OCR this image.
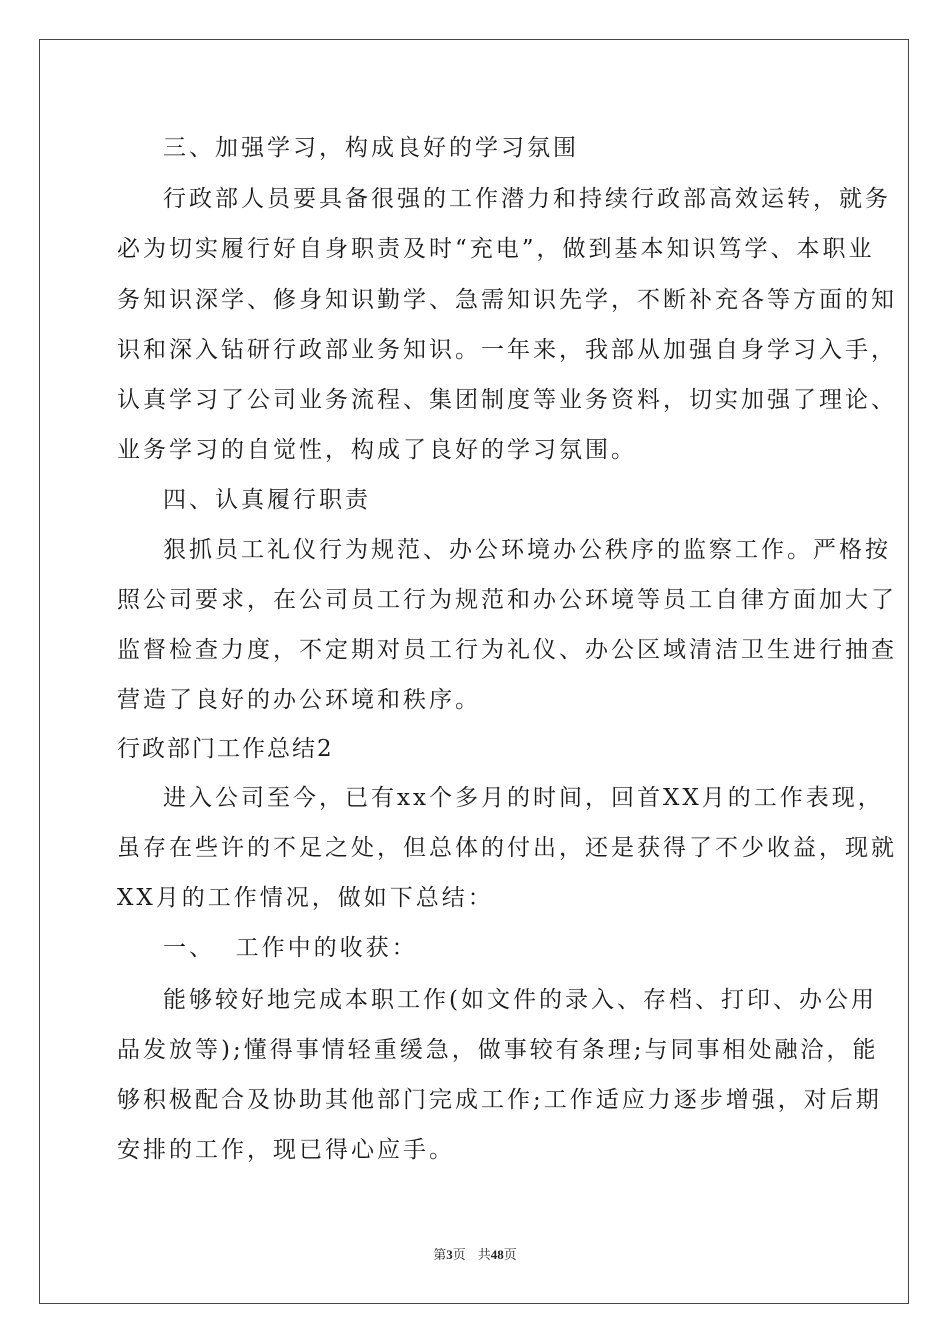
三、加强学习，构成良好的学习氛围
行政部人员要具备很强的工作潜力和持续行政部高效运转，就务
必为切实履行好自身职责及时“充电”，做到基本知识笃学、本职业
务知识深学、修身知识勤学、急需知识先学，不断补充各等方面的知
识和深入钻研行政部业务知识。一年来，我部从加强自身学习入手，
认真学习了公司业务流程、集团制度等业务资料，切实加强了理论、
业务学习的自觉性，构成了良好的学习氛围。
四、认真履行职责
狠抓员工礼仪行为规范、办公环境办公秩序的监察工作。严格按
照公司要求，在公司员工行为规范和办公环境等员工自律方面加大了
监督检查力度，不定期对员工行为礼仪、办公区域清洁卫生进行抽查
营造了良好的办公环境和秩序。
行政部门工作总结2
进入公司至今，已有xx个多月的时间，回首XX月的工作表现，
虽存在些许的不足之处，但总体的付出，还是获得了不少收益，现就
XX月的工作情况，做如下总结：
一、  工作中的收获：
能够较好地完成本职工作(如文件的录入、存档、打印、办公用
品发放等);懂得事情轻重缓急，做事较有条理;与同事相处融洽，能
够积极配合及协助其他部门完成工作;工作适应力逐步增强，对后期
安排的工作，现已得心应手。
第3页 共48页
